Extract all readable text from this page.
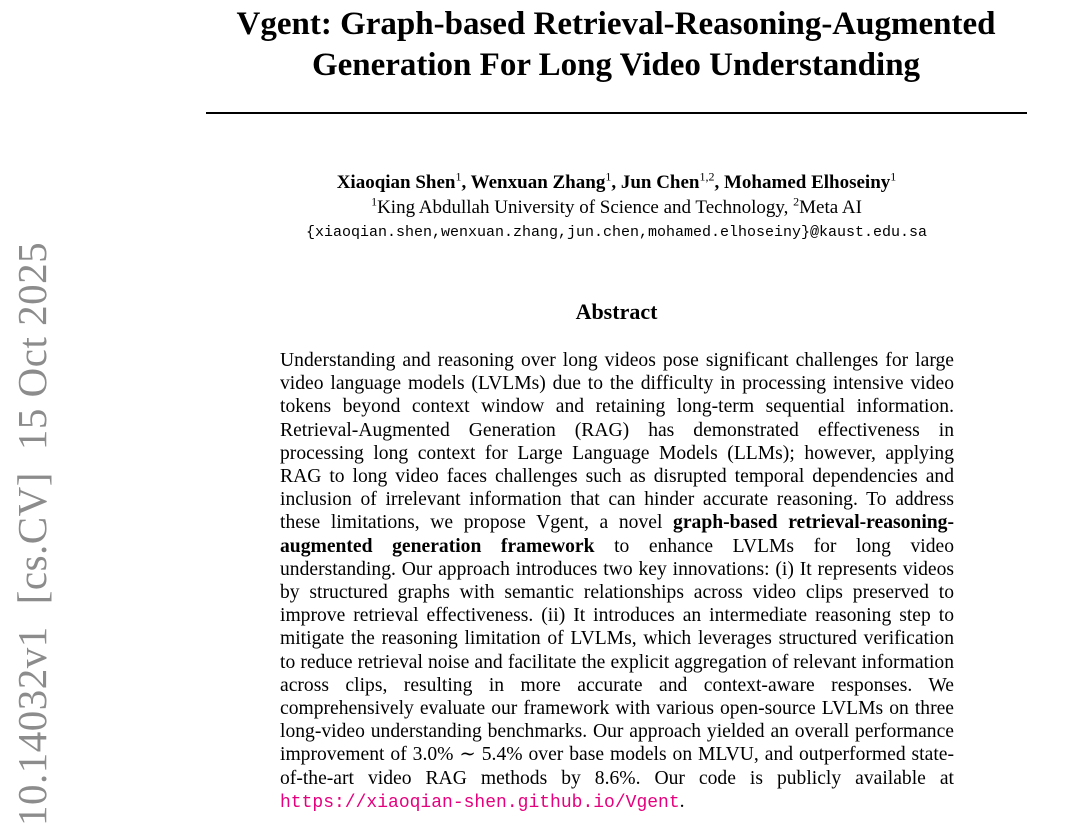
10.14032v1[cs.CV]15 Oct 2025
Vgent: Graph-based Retrieval-Reasoning-Augmented
Generation For Long Video Understanding
Xiaoqian Shen$^1$, Wenxuan Zhang$^1$, Jun Chen$^{1,2}$, Mohamed Elhoseiny$^1$
$^1$King Abdullah University of Science and Technology, $^2$Meta AI
{xiaoqian.shen,wenxuan.zhang,jun.chen,mohamed.elhoseiny}@kaust.edu.sa
Abstract
Understanding and reasoning over long videos pose significant challenges for large video language models (LVLMs) due to the difficulty in processing intensive video tokens beyond context window and retaining long-term sequential information. Retrieval-Augmented Generation (RAG) has demonstrated effectiveness in processing long context for Large Language Models (LLMs); however, applying RAG to long video faces challenges such as disrupted temporal dependencies and inclusion of irrelevant information that can hinder accurate reasoning. To address these limitations, we propose Vgent, a novel graph-based retrieval-reasoning-augmented generation framework to enhance LVLMs for long video understanding. Our approach introduces two key innovations: (i) It represents videos by structured graphs with semantic relationships across video clips preserved to improve retrieval effectiveness. (ii) It introduces an intermediate reasoning step to mitigate the reasoning limitation of LVLMs, which leverages structured verification to reduce retrieval noise and facilitate the explicit aggregation of relevant information across clips, resulting in more accurate and context-aware responses. We comprehensively evaluate our framework with various open-source LVLMs on three long-video understanding benchmarks. Our approach yielded an overall performance improvement of 3.0% ∼ 5.4% over base models on MLVU, and outperformed state-of-the-art video RAG methods by 8.6%. Our code is publicly available at https://xiaoqian-shen.github.io/Vgent.
